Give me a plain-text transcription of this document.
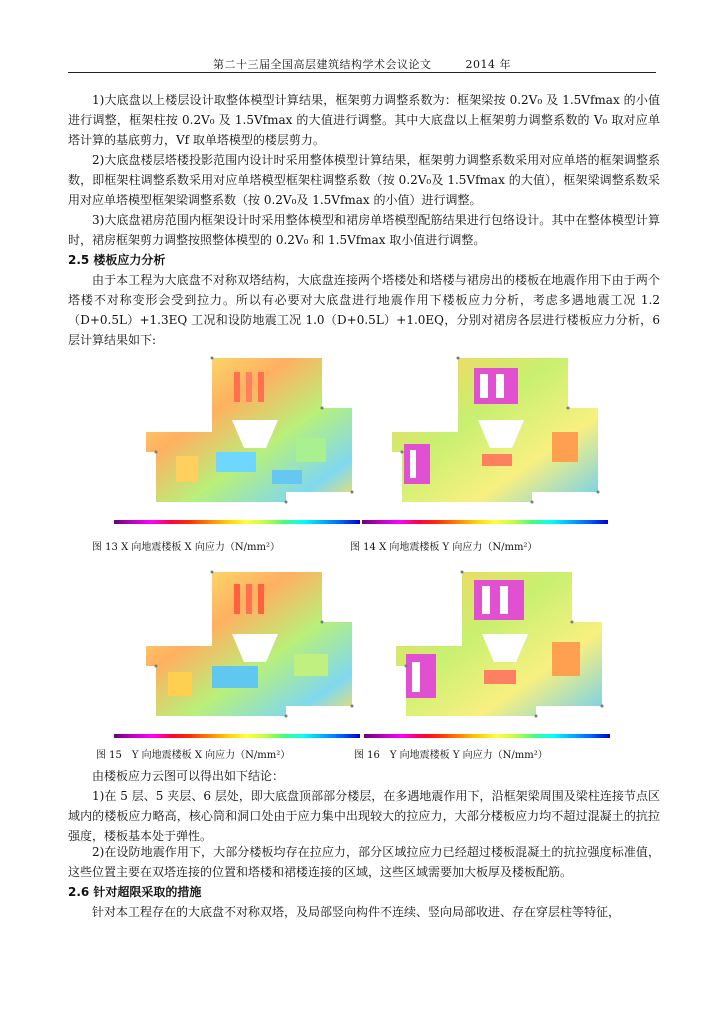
第二十三届全国高层建筑结构学术会议论文	2014 年
1)大底盘以上楼层设计取整体模型计算结果，框架剪力调整系数为：框架梁按 0.2V₀ 及 1.5Vfmax 的小值进行调整，框架柱按 0.2V₀ 及 1.5Vfmax 的大值进行调整。其中大底盘以上框架剪力调整系数的 V₀ 取对应单塔计算的基底剪力，Vf 取单塔模型的楼层剪力。
2)大底盘楼层塔楼投影范围内设计时采用整体模型计算结果，框架剪力调整系数采用对应单塔的框架调整系数，即框架柱调整系数采用对应单塔模型框架柱调整系数（按 0.2V₀及 1.5Vfmax 的大值），框架梁调整系数采用对应单塔模型框架梁调整系数（按 0.2V₀及 1.5Vfmax 的小值）进行调整。
3)大底盘裙房范围内框架设计时采用整体模型和裙房单塔模型配筋结果进行包络设计。其中在整体模型计算时，裙房框架剪力调整按照整体模型的 0.2V₀ 和 1.5Vfmax 取小值进行调整。
2.5 楼板应力分析
由于本工程为大底盘不对称双塔结构，大底盘连接两个塔楼处和塔楼与裙房出的楼板在地震作用下由于两个塔楼不对称变形会受到拉力。所以有必要对大底盘进行地震作用下楼板应力分析，考虑多遇地震工况 1.2（D+0.5L）+1.3EQ 工况和设防地震工况 1.0（D+0.5L）+1.0EQ，分别对裙房各层进行楼板应力分析，6 层计算结果如下:
图 13 X 向地震楼板 X 向应力（N/mm²）	图 14 X 向地震楼板 Y 向应力（N/mm²）
图 15　Y 向地震楼板 X 向应力（N/mm²）	图 16　Y 向地震楼板 Y 向应力（N/mm²）
由楼板应力云图可以得出如下结论：
1)在 5 层、5 夹层、6 层处，即大底盘顶部部分楼层，在多遇地震作用下，沿框架梁周围及梁柱连接节点区域内的楼板应力略高，核心筒和洞口处由于应力集中出现较大的拉应力，大部分楼板应力均不超过混凝土的抗拉强度，楼板基本处于弹性。
2)在设防地震作用下，大部分楼板均存在拉应力，部分区域拉应力已经超过楼板混凝土的抗拉强度标准值，这些位置主要在双塔连接的位置和塔楼和裙楼连接的区域，这些区域需要加大板厚及楼板配筋。
2.6 针对超限采取的措施
针对本工程存在的大底盘不对称双塔，及局部竖向构件不连续、竖向局部收进、存在穿层柱等特征，
